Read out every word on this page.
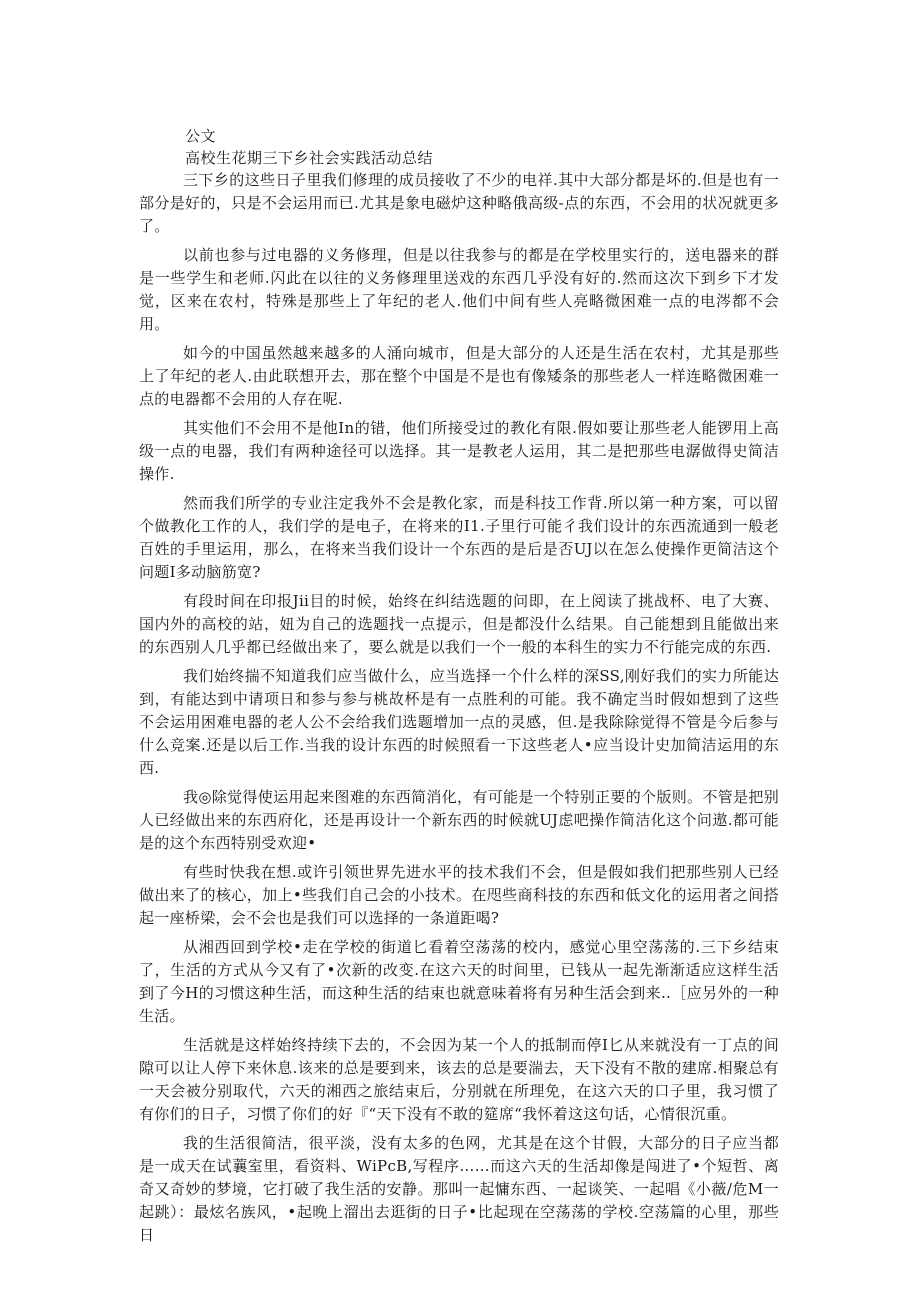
公文
高校生花期三下乡社会实践活动总结

三下乡的这些日子里我们修理的成员接收了不少的电祥.其中大部分都是坏的.但是也有一部分是好的，只是不会运用而已.尤其是象电磁炉这种略俄高级-点的东西，不会用的状况就更多了。

以前也参与过电器的义务修理，但是以往我参与的都是在学校里实行的，送电器来的群是一些学生和老师.闪此在以往的义务修理里送戏的东西几乎没有好的.然而这次下到乡下才发觉，区来在农村，特殊是那些上了年纪的老人.他们中间有些人亮略微困难一点的电涔都不会用。

如今的中国虽然越来越多的人涌向城市，但是大部分的人还是生活在农村，尤其是那些上了年纪的老人.由此联想开去，那在整个中国是不是也有像矮条的那些老人一样连略微困难一点的电器都不会用的人存在呢.

其实他们不会用不是他In的错，他们所接受过的教化有限.假如要让那些老人能锣用上高级一点的电器，我们有两种途径可以选择。其一是教老人运用，其二是把那些电潺做得史简洁操作.

然而我们所学的专业注定我外不会是教化家，而是科技工作背.所以第一种方案，可以留个做教化工作的人，我们学的是电子，在将来的I1.子里行可能彳我们设计的东西流通到一般老百姓的手里运用，那么，在将来当我们设计一个东西的是后是否UJ以在怎么使操作更简洁这个问题I多动脑筋宽?

有段时间在印报Jii目的时候，始终在纠结选题的问即，在上阅读了挑战杯、电了大赛、国内外的高校的站，妞为自己的选题找一点提示，但是都没什么结果。自己能想到且能做出来的东西别人几乎都已经做出来了，要么就是以我们一个一般的本科生的实力不行能完成的东西.

我们始终揣不知道我们应当做什么，应当选择一个什么样的深SS,刚好我们的实力所能达到，有能达到中请项日和参与参与桃故杯是有一点胜利的可能。我不确定当时假如想到了这些不会运用困难电器的老人公不会给我们选题增加一点的灵感，但.是我除除觉得不管是今后参与什么竞案.还是以后工作.当我的设计东西的时候照看一下这些老人•应当设计史加简洁运用的东西.

我◎除觉得使运用起来图难的东西简消化，有可能是一个特别正要的个版则。不管是把别人已经做出来的东西府化，还是再设计一个新东西的时候就UJ虑吧操作简洁化这个问遨.都可能是的这个东西特别受欢迎•

有些时快我在想.或许引领世界先进水平的技术我们不会，但是假如我们把那些别人已经做出来了的核心，加上•些我们自己会的小技术。在咫些商科技的东西和低文化的运用者之间搭起一座桥梁，会不会也是我们可以选择的一条道距喝?

从湘西回到学校•走在学校的街道匕看着空荡荡的校内，感觉心里空荡荡的.三下乡结束了，生活的方式从今又有了•次新的改变.在这六天的时间里，已钱从一起先渐渐适应这样生活到了今H的习惯这种生活，而这种生活的结束也就意味着将有另种生活会到来..［应另外的一种生活。

生活就是这样始终持续下去的，不会因为某一个人的抵制而停I匕从来就没有一丁点的间隙可以让人停下来休息.该来的总是要到来，该去的总是要湍去，天下没有不散的建席.相聚总有一天会被分别取代，六天的湘西之旅结束后，分别就在所理免，在这六天的口子里，我习惯了有你们的日子，习惯了你们的好『“天下没有不敢的筵席“我怀着这这句话，心情很沉重。

我的生活很简洁，很平淡，没有太多的色网，尤其是在这个甘假，大部分的日子应当都是一成天在试蘘室里，看资料、WiPcB,写程序……而这六天的生活却像是闯进了•个短哲、离奇又奇妙的梦境，它打破了我生活的安静。那叫一起慵东西、一起谈笑、一起唱《小薇/危M一起跳）：最炫名族风，•起晚上溜出去逛街的日子•比起现在空荡荡的学校.空荡篇的心里，那些日
